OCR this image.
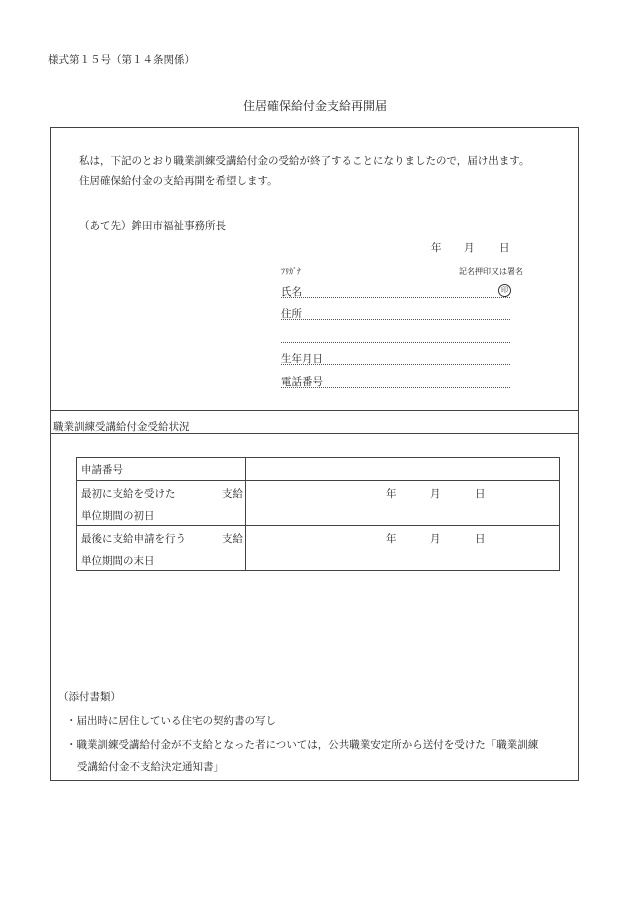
様式第１５号（第１４条関係）
住居確保給付金支給再開届
私は，下記のとおり職業訓練受講給付金の受給が終了することになりましたので，届け出ます。
住居確保給付金の支給再開を希望します。
（あて先）鉾田市福祉事務所長
年 月 日
ﾌﾘｶﾞﾅ	記名押印又は署名
氏名	印
住所
生年月日
電話番号
職業訓練受講給付金受給状況
申請番号	

最初に支給を受けた 支給
単位期間の初日	年 月 日

最後に支給申請を行う 支給
単位期間の末日	年 月 日
（添付書類）
・届出時に居住している住宅の契約書の写し
・職業訓練受講給付金が不支給となった者については，公共職業安定所から送付を受けた「職業訓練
受講給付金不支給決定通知書」
